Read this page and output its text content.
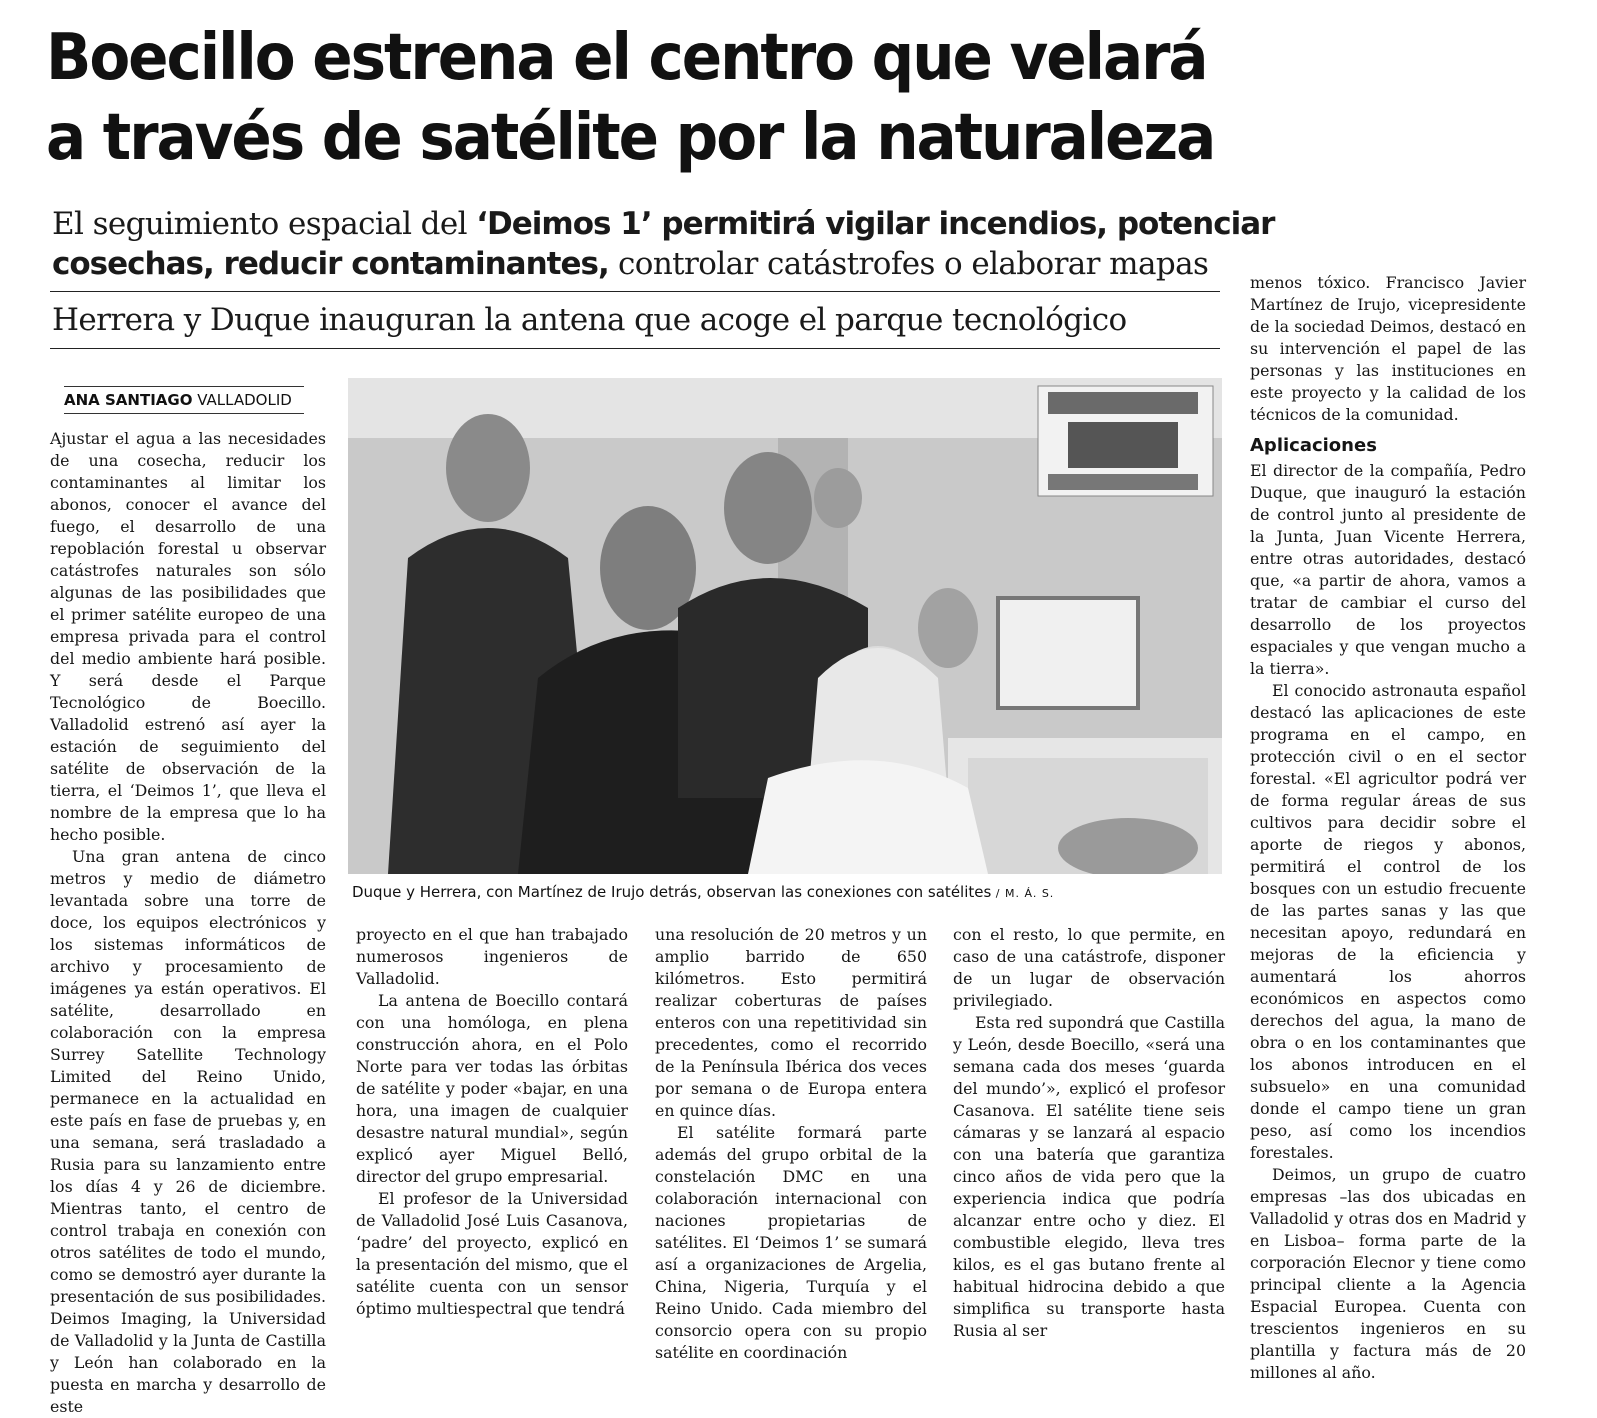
Boecillo estrena el centro que velará
a través de satélite por la naturaleza
El seguimiento espacial del ‘Deimos 1’ permitirá vigilar incendios, potenciar
cosechas, reducir contaminantes, controlar catástrofes o elaborar mapas
Herrera y Duque inauguran la antena que acoge el parque tecnológico
ANA SANTIAGO VALLADOLID
Duque y Herrera, con Martínez de Irujo detrás, observan las conexiones con satélites / M. Á. S.

Ajustar el agua a las necesidades de una cosecha, reducir los contaminantes al limitar los abonos, conocer el avance del fuego, el desarrollo de una repoblación forestal u observar catástrofes naturales son sólo algunas de las posibilidades que el primer satélite europeo de una empresa privada para el control del medio ambiente hará posible. Y será desde el Parque Tecnológico de Boecillo. Valladolid estrenó así ayer la estación de seguimiento del satélite de observación de la tierra, el ‘Deimos 1’, que lleva el nombre de la empresa que lo ha hecho posible.

Una gran antena de cinco metros y medio de diámetro levantada sobre una torre de doce, los equipos electrónicos y los sistemas informáticos de archivo y procesamiento de imágenes ya están operativos. El satélite, desarrollado en colaboración con la empresa Surrey Satellite Technology Limited del Reino Unido, permanece en la actualidad en este país en fase de pruebas y, en una semana, será trasladado a Rusia para su lanzamiento entre los días 4 y 26 de diciembre. Mientras tanto, el centro de control trabaja en conexión con otros satélites de todo el mundo, como se demostró ayer durante la presentación de sus posibilidades. Deimos Imaging, la Universidad de Valladolid y la Junta de Castilla y León han colaborado en la puesta en marcha y desarrollo de este

proyecto en el que han trabajado numerosos ingenieros de Valladolid.

La antena de Boecillo contará con una homóloga, en plena construcción ahora, en el Polo Norte para ver todas las órbitas de satélite y poder «bajar, en una hora, una imagen de cualquier desastre natural mundial», según explicó ayer Miguel Belló, director del grupo empresarial.

El profesor de la Universidad de Valladolid José Luis Casanova, ‘padre’ del proyecto, explicó en la presentación del mismo, que el satélite cuenta con un sensor óptimo multiespectral que tendrá

una resolución de 20 metros y un amplio barrido de 650 kilómetros. Esto permitirá realizar coberturas de países enteros con una repetitividad sin precedentes, como el recorrido de la Península Ibérica dos veces por semana o de Europa entera en quince días.

El satélite formará parte además del grupo orbital de la constelación DMC en una colaboración internacional con naciones propietarias de satélites. El ‘Deimos 1’ se sumará así a organizaciones de Argelia, China, Nigeria, Turquía y el Reino Unido. Cada miembro del consorcio opera con su propio satélite en coordinación

con el resto, lo que permite, en caso de una catástrofe, disponer de un lugar de observación privilegiado.

Esta red supondrá que Castilla y León, desde Boecillo, «será una semana cada dos meses ‘guarda del mundo’», explicó el profesor Casanova. El satélite tiene seis cámaras y se lanzará al espacio con una batería que garantiza cinco años de vida pero que la experiencia indica que podría alcanzar entre ocho y diez. El combustible elegido, lleva tres kilos, es el gas butano frente al habitual hidrocina debido a que simplifica su transporte hasta Rusia al ser

menos tóxico. Francisco Javier Martínez de Irujo, vicepresidente de la sociedad Deimos, destacó en su intervención el papel de las personas y las instituciones en este proyecto y la calidad de los técnicos de la comunidad.

Aplicaciones

El director de la compañía, Pedro Duque, que inauguró la estación de control junto al presidente de la Junta, Juan Vicente Herrera, entre otras autoridades, destacó que, «a partir de ahora, vamos a tratar de cambiar el curso del desarrollo de los proyectos espaciales y que vengan mucho a la tierra».

El conocido astronauta español destacó las aplicaciones de este programa en el campo, en protección civil o en el sector forestal. «El agricultor podrá ver de forma regular áreas de sus cultivos para decidir sobre el aporte de riegos y abonos, permitirá el control de los bosques con un estudio frecuente de las partes sanas y las que necesitan apoyo, redundará en mejoras de la eficiencia y aumentará los ahorros económicos en aspectos como derechos del agua, la mano de obra o en los contaminantes que los abonos introducen en el subsuelo» en una comunidad donde el campo tiene un gran peso, así como los incendios forestales.

Deimos, un grupo de cuatro empresas –las dos ubicadas en Valladolid y otras dos en Madrid y en Lisboa– forma parte de la corporación Elecnor y tiene como principal cliente a la Agencia Espacial Europea. Cuenta con trescientos ingenieros en su plantilla y factura más de 20 millones al año.
